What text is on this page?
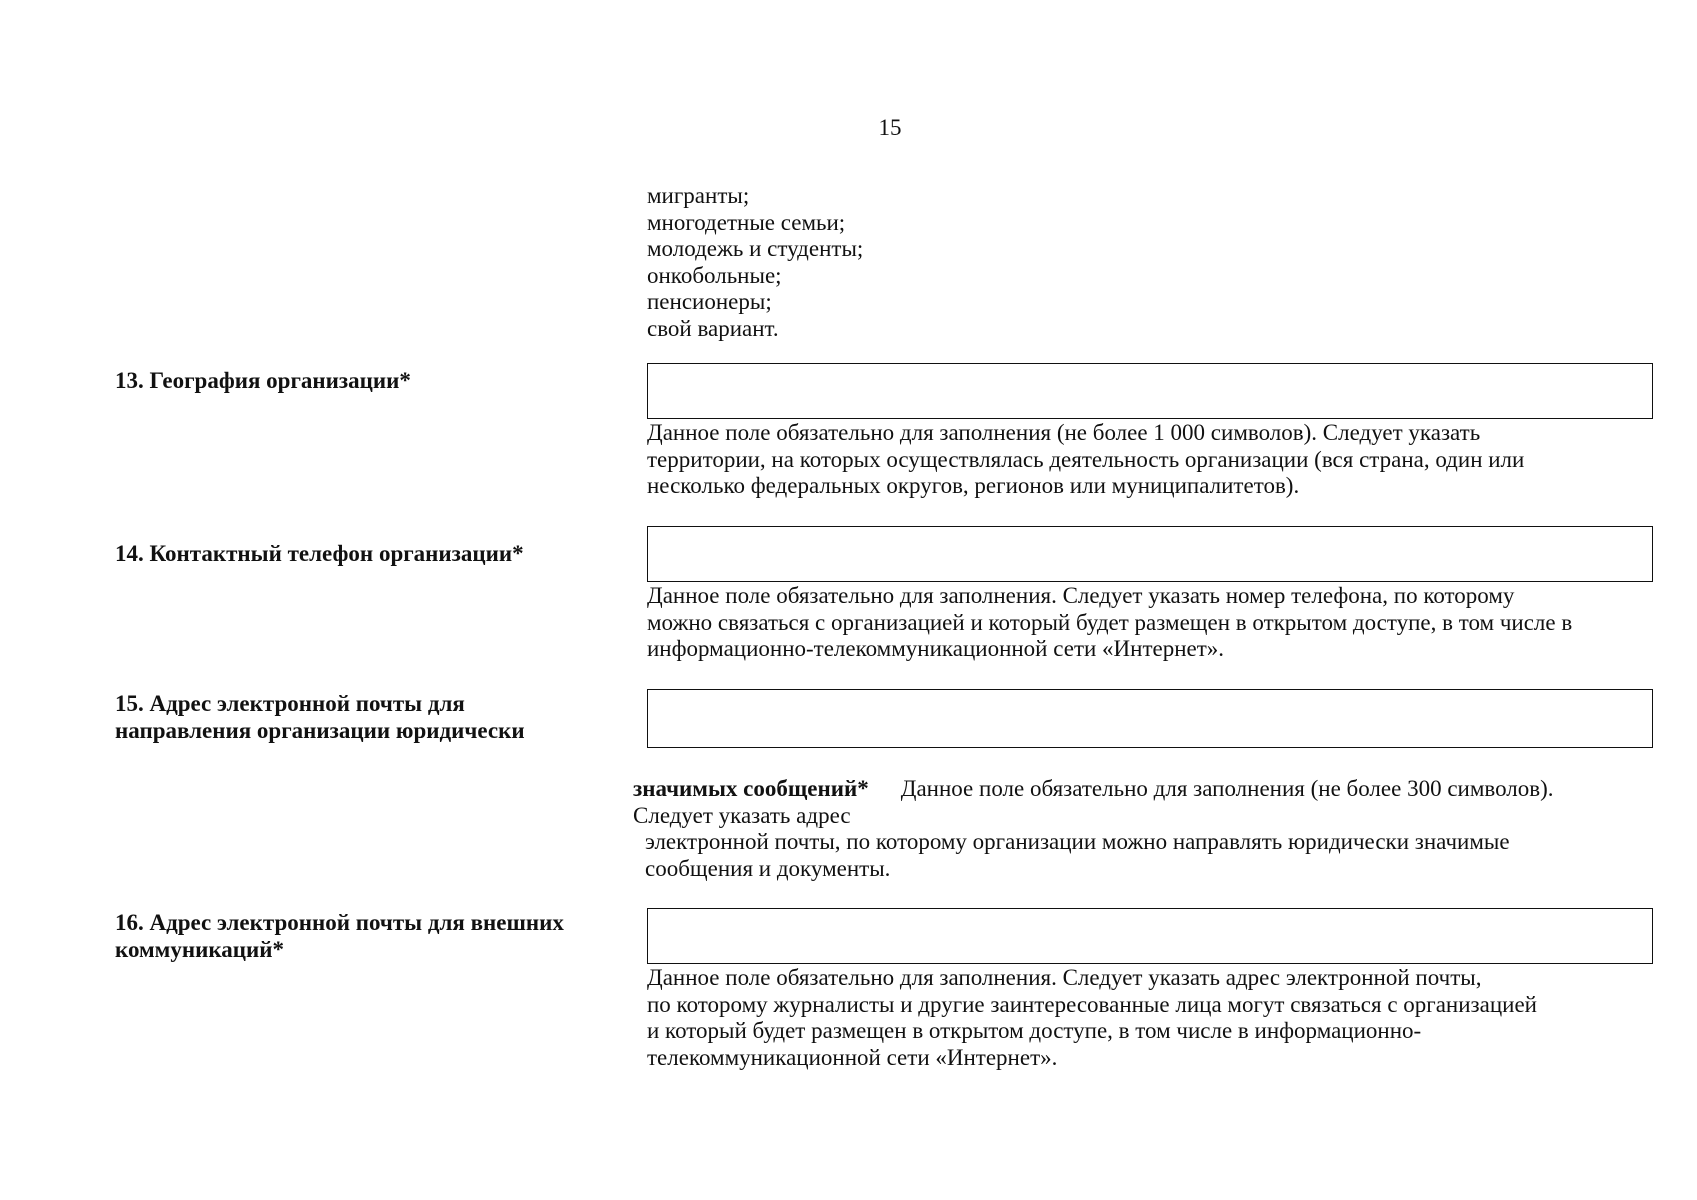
15
мигранты;
многодетные семьи;
молодежь и студенты;
онкобольные;
пенсионеры;
свой вариант.
13. География организации*
Данное поле обязательно для заполнения (не более 1 000 символов). Следует указать
территории, на которых осуществлялась деятельность организации (вся страна, один или
несколько федеральных округов, регионов или муниципалитетов).
14. Контактный телефон организации*
Данное поле обязательно для заполнения. Следует указать номер телефона, по которому
можно связаться с организацией и который будет размещен в открытом доступе, в том числе в
информационно-телекоммуникационной сети «Интернет».
15. Адрес электронной почты для
направления организации юридически
значимых сообщений* Данное поле обязательно для заполнения (не более 300 символов).
Следует указать адрес
электронной почты, по которому организации можно направлять юридически значимые
сообщения и документы.
16. Адрес электронной почты для внешних
коммуникаций*
Данное поле обязательно для заполнения. Следует указать адрес электронной почты,
по которому журналисты и другие заинтересованные лица могут связаться с организацией
и который будет размещен в открытом доступе, в том числе в информационно-
телекоммуникационной сети «Интернет».
